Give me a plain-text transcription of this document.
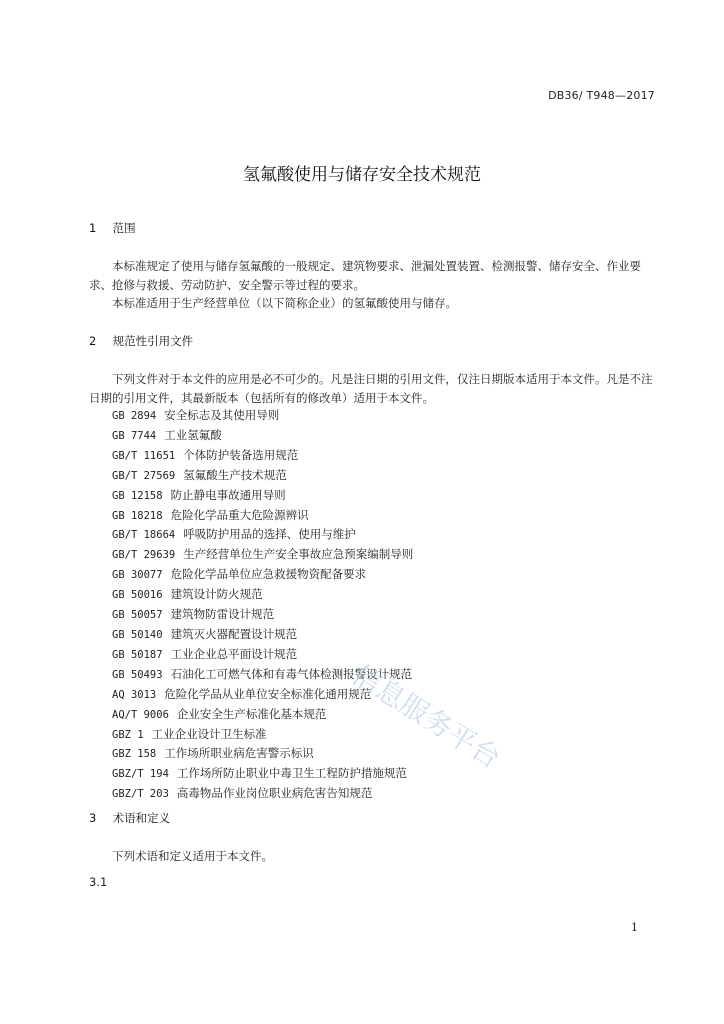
DB36/ T948—2017
氢氟酸使用与储存安全技术规范
1 范围
本标准规定了使用与储存氢氟酸的一般规定、建筑物要求、泄漏处置装置、检测报警、储存安全、作业要求、抢修与救援、劳动防护、安全警示等过程的要求。
本标准适用于生产经营单位（以下简称企业）的氢氟酸使用与储存。
2 规范性引用文件
下列文件对于本文件的应用是必不可少的。凡是注日期的引用文件，仅注日期版本适用于本文件。凡是不注日期的引用文件，其最新版本（包括所有的修改单）适用于本文件。
GB 2894 安全标志及其使用导则
GB 7744 工业氢氟酸
GB/T 11651 个体防护装备选用规范
GB/T 27569 氢氟酸生产技术规范
GB 12158 防止静电事故通用导则
GB 18218 危险化学品重大危险源辨识
GB/T 18664 呼吸防护用品的选择、使用与维护
GB/T 29639 生产经营单位生产安全事故应急预案编制导则
GB 30077 危险化学品单位应急救援物资配备要求
GB 50016 建筑设计防火规范
GB 50057 建筑物防雷设计规范
GB 50140 建筑灭火器配置设计规范
GB 50187 工业企业总平面设计规范
GB 50493 石油化工可燃气体和有毒气体检测报警设计规范
AQ 3013 危险化学品从业单位安全标准化通用规范
AQ/T 9006 企业安全生产标准化基本规范
GBZ 1 工业企业设计卫生标准
GBZ 158 工作场所职业病危害警示标识
GBZ/T 194 工作场所防止职业中毒卫生工程防护措施规范
GBZ/T 203 高毒物品作业岗位职业病危害告知规范
3 术语和定义
下列术语和定义适用于本文件。
3.1
1
信息服务平台
